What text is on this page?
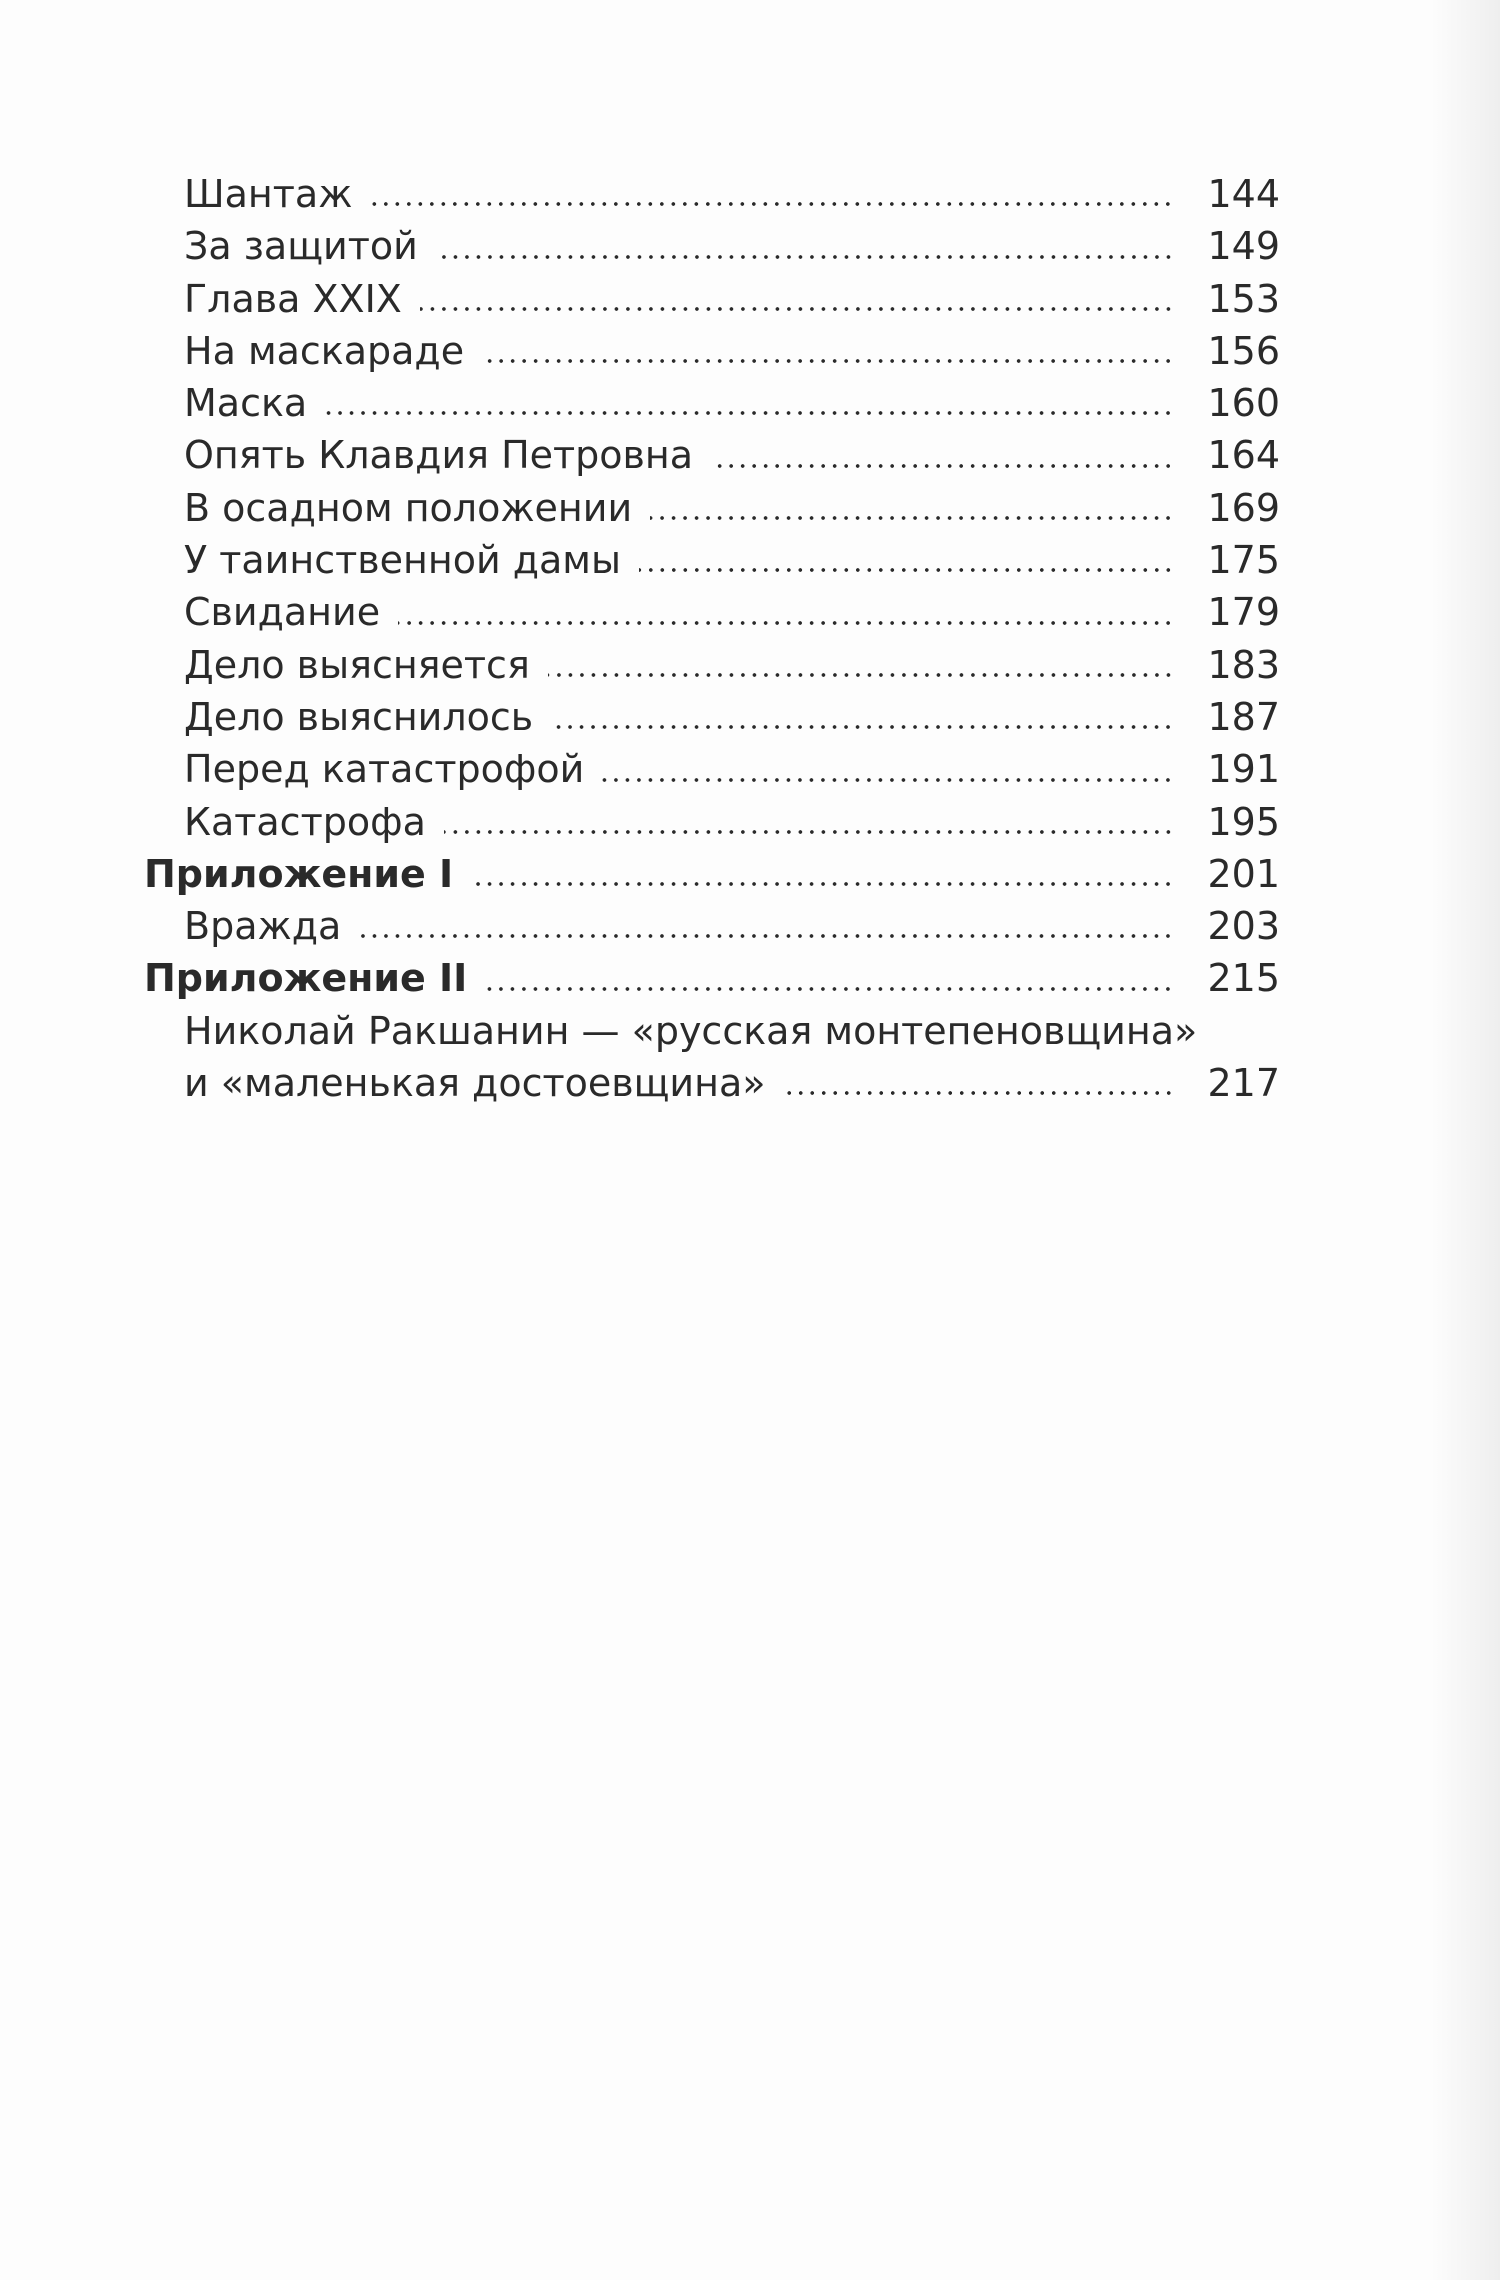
Шантаж	144
За защитой	149
Глава XXIX	153
На маскараде	156
Маска	160
Опять Клавдия Петровна	164
В осадном положении	169
У таинственной дамы	175
Свидание	179
Дело выясняется	183
Дело выяснилось	187
Перед катастрофой	191
Катастрофа	195
Приложение I	201
Вражда	203
Приложение II	215
Николай Ракшанин — «русская монтепеновщина»
и «маленькая достоевщина»	217
